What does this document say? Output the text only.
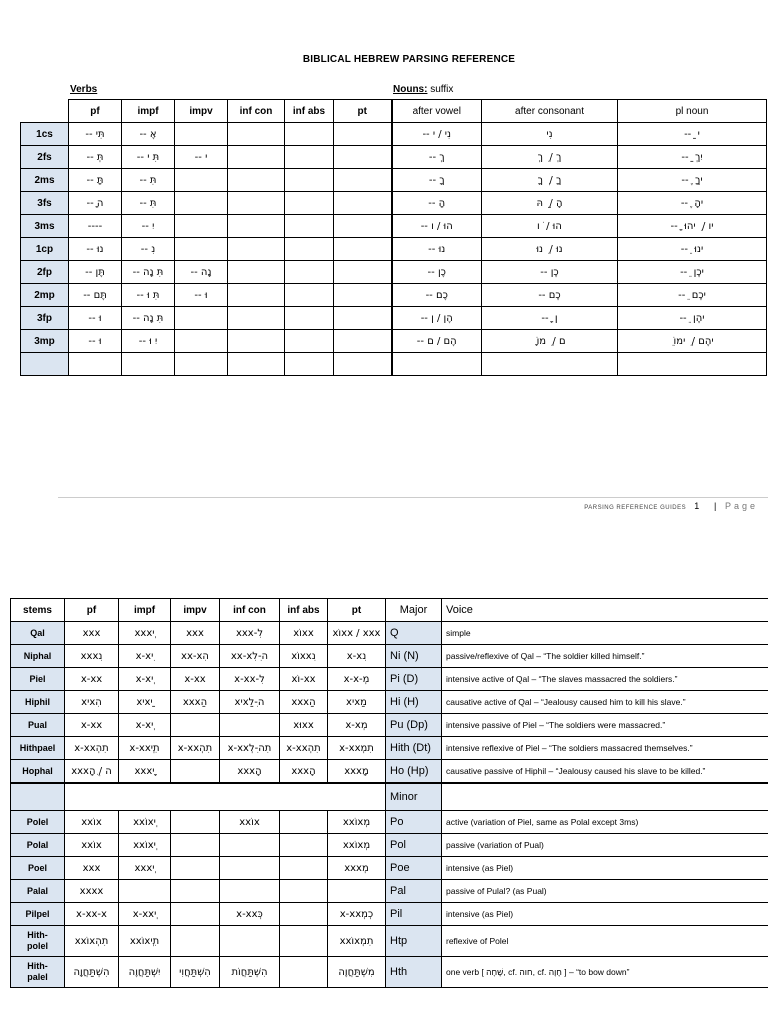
BIBLICAL HEBREW PARSING REFERENCE
Verbs	Nouns: suffix
	pf	impf	impv	inf con	inf abs	pt	after vowel	after consonant	pl noun
1cs	-- תִּי	-- אֶ					-- נִי / י	נִי	-- ַ י
2fs	-- תְּ	-- תִּ י	-- י				-- ךְ	ךְ / ֵ ךְ	-- ַ יִךְ
2ms	-- תָּ	-- תִּ					-- ךָ	ךָ / ְ ךָ	-- ֶ יךָ
3fs	-- ָה	-- תִּ					-- הָ	הָ / ַ הּ	-- ֶ יהָ
3ms	----	-- יִ					-- הוּ / ו	הוּ / ֹ ו	-- ָ יו / ֵ יהוּ
1cp	-- נוּ	-- נִ					-- נוּ	נוּ / ֵ נוּ	-- ֵ ינוּ
2fp	-- תֶּן	-- תִּ נָה	-- נָה				-- כֶן	-- כֶן	-- ֵ יכֶן
2mp	-- תֶּם	-- תִּ וּ	-- וּ				-- כֶם	-- כֶם	-- ֵ יכֶם
3fp	-- וּ	-- תִּ נָה					-- הֶן / ן	-- ָ ן	-- ֵ יהֶן
3mp	-- וּ	-- יִ וּ					-- הֶם / ם	ָ ם / ֵ מוֹ	ֵ יהֶם / ֵ ימוֹ

PARSING REFERENCE GUIDES 1 | Page
stems	pf	impf	impv	inf con	inf abs	pt	Major	Voice
Qal	xxx	xxxְי	xxx	xxx-ִל	xוֹxx	xוֹxx / xxx	Q	simple
Niphal	xxxִנ	x-xִי	xx-xִה	xx-xִה-ִל	xוֹxxִנ	x-xִנ	Ni (N)	passive/reflexive of Qal – “The soldier killed himself.”
Piel	x-xx	x-xְי	x-xx	x-xx-ִל	xוֹ-xx	x-x-ְמ	Pi (D)	intensive active of Qal – “The slaves massacred the soldiers.”
Hiphil	xיxִה	xיxַי	xxxַה	xיxַה-ִל	xxxַה	xיxַמ	Hi (H)	causative active of Qal – “Jealousy caused him to kill his slave.”
Pual	x-xx	x-xְי			xוּxx	x-xְמ	Pu (Dp)	intensive passive of Piel – “The soldiers were massacred.”
Hithpael	x-xxְתִה	x-xxְתִי	x-xxְתִה	x-xxְתִה-ִל	x-xxְתִה	x-xxְתִמ	Hith (Dt)	intensive reflexive of Piel – “The soldiers massacred themselves.”
Hophal	xxxָה / ֻה	xxxָי		xxxָה	xxxָה	xxxָמ	Ho (Hp)	causative passive of Hiphil – “Jealousy caused his slave to be killed.”
							Minor	
Polel	xxוֹx	xxוֹxְי		xxוֹx		xxוֹxְמ	Po	active (variation of Piel, same as Polal except 3ms)
Polal	xxוֹx	xxוֹxְי				xxוֹxְמ	Pol	passive (variation of Pual)
Poel	xxx	xxxְי				xxxְמ	Poe	intensive (as Piel)
Palal	xxxx						Pal	passive of Pulal? (as Pual)
Pilpel	x-xx-x	x-xxְי		x-xxְכּ		x-xxְכְמ	Pil	intensive (as Piel)
Hith-
polel	xxוֹxְתִה	xxוֹxְתִי				xxוֹxְתִמ	Htp	reflexive of Polel
Hith-
palel	הִשְׁתַּחֲוָה	יִשְׁתַּחֲוֶה	הִשְׁתַּחֲוִי	הִשְׁתַּחֲוֹת		מִשְׁתַּחֲוֶה	Hth	one verb [ שָׁחָה, cf. חוה, cf. חָוָה ] – “to bow down”
